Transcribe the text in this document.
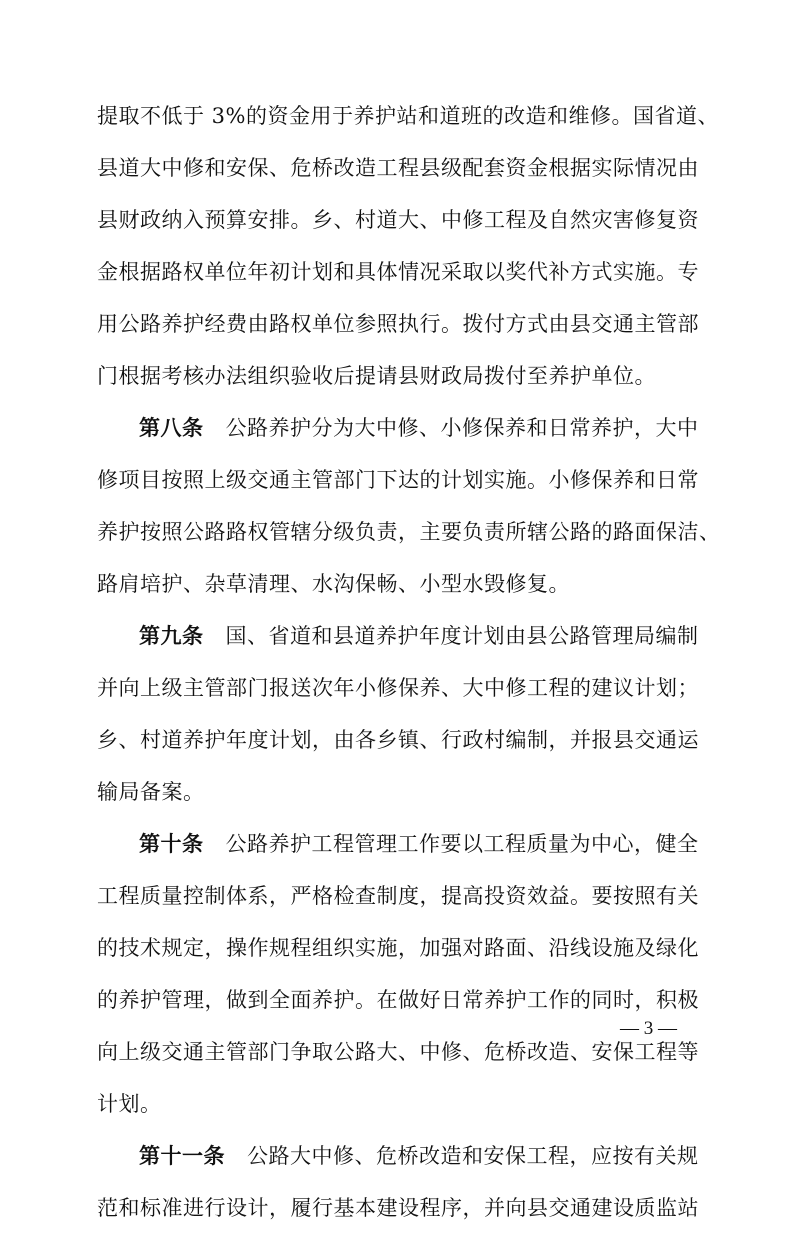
提取不低于 3%的资金用于养护站和道班的改造和维修。国省道、
县道大中修和安保、危桥改造工程县级配套资金根据实际情况由
县财政纳入预算安排。乡、村道大、中修工程及自然灾害修复资
金根据路权单位年初计划和具体情况采取以奖代补方式实施。专
用公路养护经费由路权单位参照执行。拨付方式由县交通主管部
门根据考核办法组织验收后提请县财政局拨付至养护单位。
第八条 公路养护分为大中修、小修保养和日常养护，大中
修项目按照上级交通主管部门下达的计划实施。小修保养和日常
养护按照公路路权管辖分级负责，主要负责所辖公路的路面保洁、
路肩培护、杂草清理、水沟保畅、小型水毁修复。
第九条 国、省道和县道养护年度计划由县公路管理局编制
并向上级主管部门报送次年小修保养、大中修工程的建议计划；
乡、村道养护年度计划，由各乡镇、行政村编制，并报县交通运
输局备案。
第十条 公路养护工程管理工作要以工程质量为中心，健全
工程质量控制体系，严格检查制度，提高投资效益。要按照有关
的技术规定，操作规程组织实施，加强对路面、沿线设施及绿化
的养护管理，做到全面养护。在做好日常养护工作的同时，积极
向上级交通主管部门争取公路大、中修、危桥改造、安保工程等
计划。
第十一条 公路大中修、危桥改造和安保工程，应按有关规
范和标准进行设计，履行基本建设程序，并向县交通建设质监站
— 3 —
